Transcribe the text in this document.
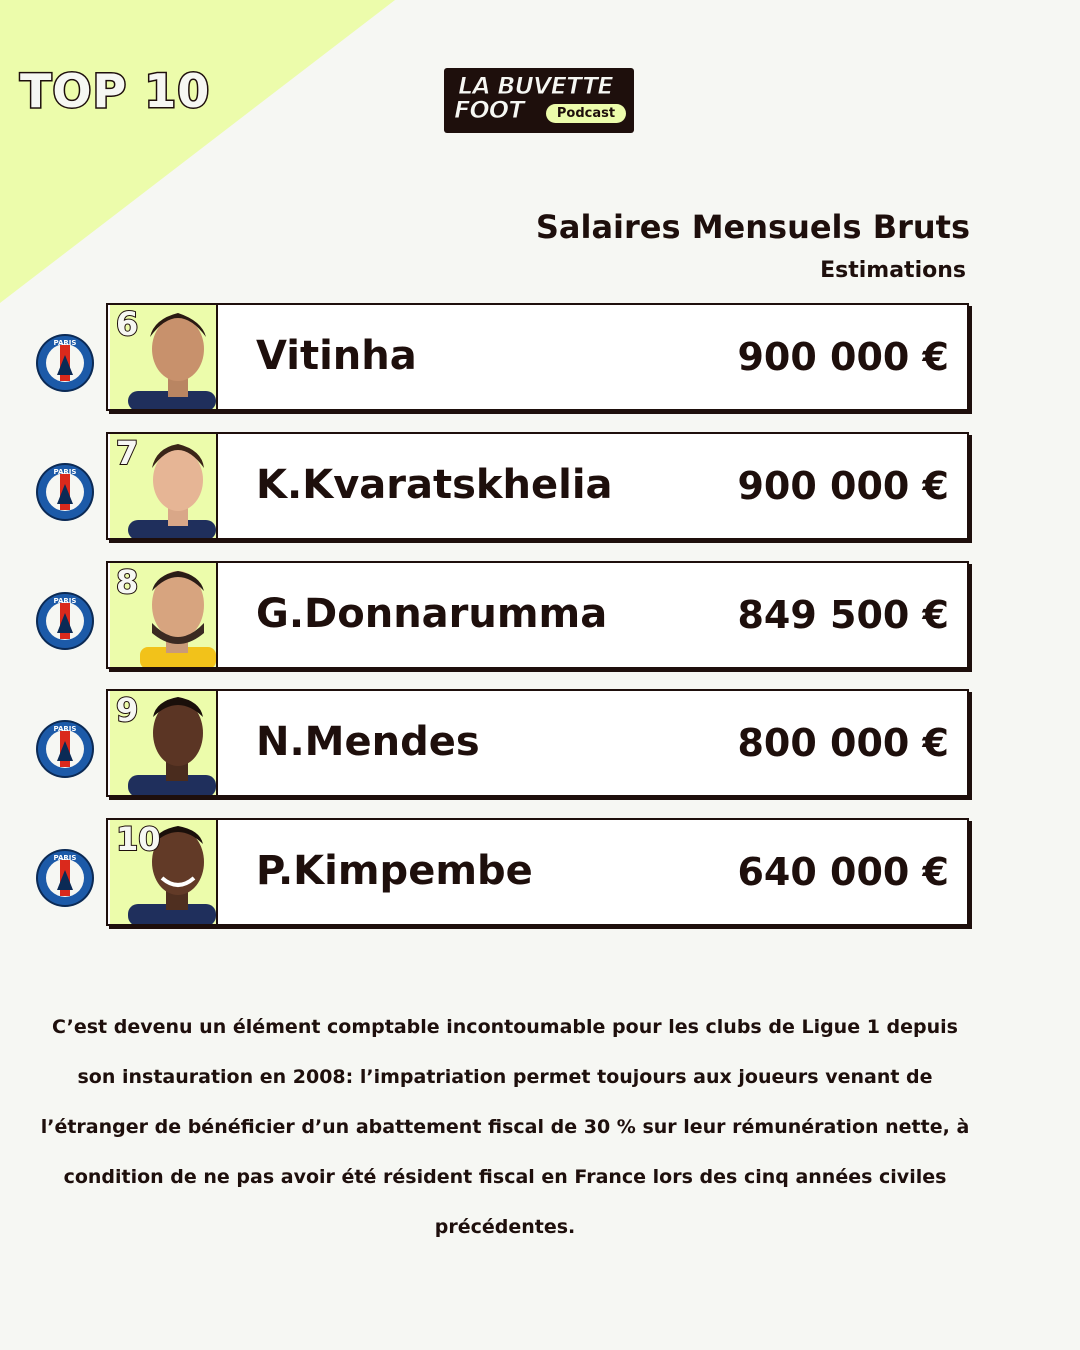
TOP 10	LA BUVETTE
FOOT	Podcast
Salaires Mensuels Bruts
Estimations
PARIS 6
Vitinha	900 000 €
PARIS 7
K.Kvaratskhelia	900 000 €
PARIS 8
G.Donnarumma	849 500 €
PARIS 9
N.Mendes	800 000 €
PARIS 10
P.Kimpembe	640 000 €
C’est devenu un élément comptable incontoumable pour les clubs de Ligue 1 depuis son instauration en 2008: l’impatriation permet toujours aux joueurs venant de l’étranger de bénéficier d’un abattement fiscal de 30 % sur leur rémunération nette, à condition de ne pas avoir été résident fiscal en France lors des cinq années civiles précédentes.
